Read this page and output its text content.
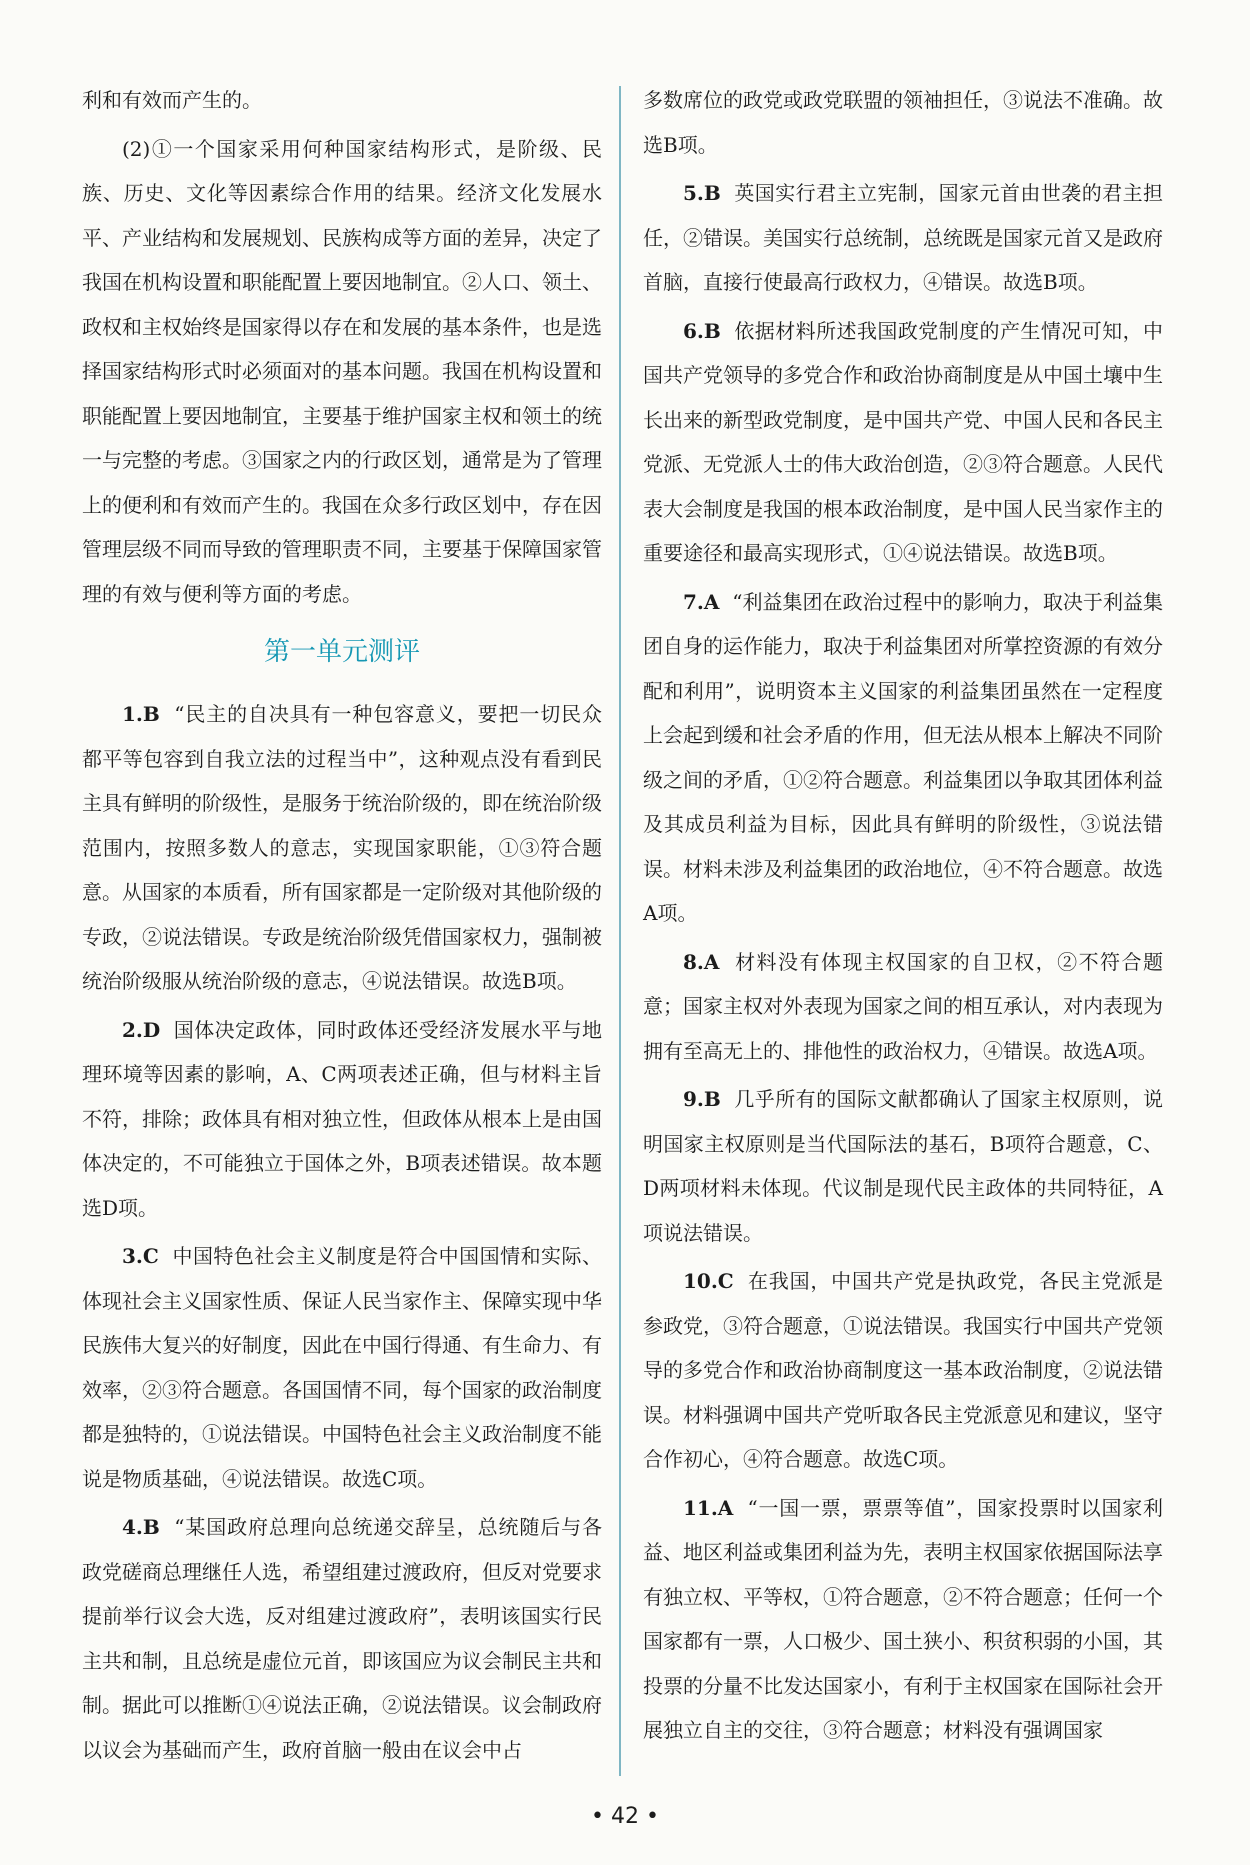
利和有效而产生的。

(2)①一个国家采用何种国家结构形式，是阶级、民族、历史、文化等因素综合作用的结果。经济文化发展水平、产业结构和发展规划、民族构成等方面的差异，决定了我国在机构设置和职能配置上要因地制宜。②人口、领土、政权和主权始终是国家得以存在和发展的基本条件，也是选择国家结构形式时必须面对的基本问题。我国在机构设置和职能配置上要因地制宜，主要基于维护国家主权和领土的统一与完整的考虑。③国家之内的行政区划，通常是为了管理上的便利和有效而产生的。我国在众多行政区划中，存在因管理层级不同而导致的管理职责不同，主要基于保障国家管理的有效与便利等方面的考虑。

第一单元测评

1.B “民主的自决具有一种包容意义，要把一切民众都平等包容到自我立法的过程当中”，这种观点没有看到民主具有鲜明的阶级性，是服务于统治阶级的，即在统治阶级范围内，按照多数人的意志，实现国家职能，①③符合题意。从国家的本质看，所有国家都是一定阶级对其他阶级的专政，②说法错误。专政是统治阶级凭借国家权力，强制被统治阶级服从统治阶级的意志，④说法错误。故选B项。

2.D 国体决定政体，同时政体还受经济发展水平与地理环境等因素的影响，A、C两项表述正确，但与材料主旨不符，排除；政体具有相对独立性，但政体从根本上是由国体决定的，不可能独立于国体之外，B项表述错误。故本题选D项。

3.C 中国特色社会主义制度是符合中国国情和实际、体现社会主义国家性质、保证人民当家作主、保障实现中华民族伟大复兴的好制度，因此在中国行得通、有生命力、有效率，②③符合题意。各国国情不同，每个国家的政治制度都是独特的，①说法错误。中国特色社会主义政治制度不能说是物质基础，④说法错误。故选C项。

4.B “某国政府总理向总统递交辞呈，总统随后与各政党磋商总理继任人选，希望组建过渡政府，但反对党要求提前举行议会大选，反对组建过渡政府”，表明该国实行民主共和制，且总统是虚位元首，即该国应为议会制民主共和制。据此可以推断①④说法正确，②说法错误。议会制政府以议会为基础而产生，政府首脑一般由在议会中占

多数席位的政党或政党联盟的领袖担任，③说法不准确。故选B项。

5.B 英国实行君主立宪制，国家元首由世袭的君主担任，②错误。美国实行总统制，总统既是国家元首又是政府首脑，直接行使最高行政权力，④错误。故选B项。

6.B 依据材料所述我国政党制度的产生情况可知，中国共产党领导的多党合作和政治协商制度是从中国土壤中生长出来的新型政党制度，是中国共产党、中国人民和各民主党派、无党派人士的伟大政治创造，②③符合题意。人民代表大会制度是我国的根本政治制度，是中国人民当家作主的重要途径和最高实现形式，①④说法错误。故选B项。

7.A “利益集团在政治过程中的影响力，取决于利益集团自身的运作能力，取决于利益集团对所掌控资源的有效分配和利用”，说明资本主义国家的利益集团虽然在一定程度上会起到缓和社会矛盾的作用，但无法从根本上解决不同阶级之间的矛盾，①②符合题意。利益集团以争取其团体利益及其成员利益为目标，因此具有鲜明的阶级性，③说法错误。材料未涉及利益集团的政治地位，④不符合题意。故选A项。

8.A 材料没有体现主权国家的自卫权，②不符合题意；国家主权对外表现为国家之间的相互承认，对内表现为拥有至高无上的、排他性的政治权力，④错误。故选A项。

9.B 几乎所有的国际文献都确认了国家主权原则，说明国家主权原则是当代国际法的基石，B项符合题意，C、D两项材料未体现。代议制是现代民主政体的共同特征，A项说法错误。

10.C 在我国，中国共产党是执政党，各民主党派是参政党，③符合题意，①说法错误。我国实行中国共产党领导的多党合作和政治协商制度这一基本政治制度，②说法错误。材料强调中国共产党听取各民主党派意见和建议，坚守合作初心，④符合题意。故选C项。

11.A “一国一票，票票等值”，国家投票时以国家利益、地区利益或集团利益为先，表明主权国家依据国际法享有独立权、平等权，①符合题意，②不符合题意；任何一个国家都有一票，人口极少、国土狭小、积贫积弱的小国，其投票的分量不比发达国家小，有利于主权国家在国际社会开展独立自主的交往，③符合题意；材料没有强调国家

• 42 •
